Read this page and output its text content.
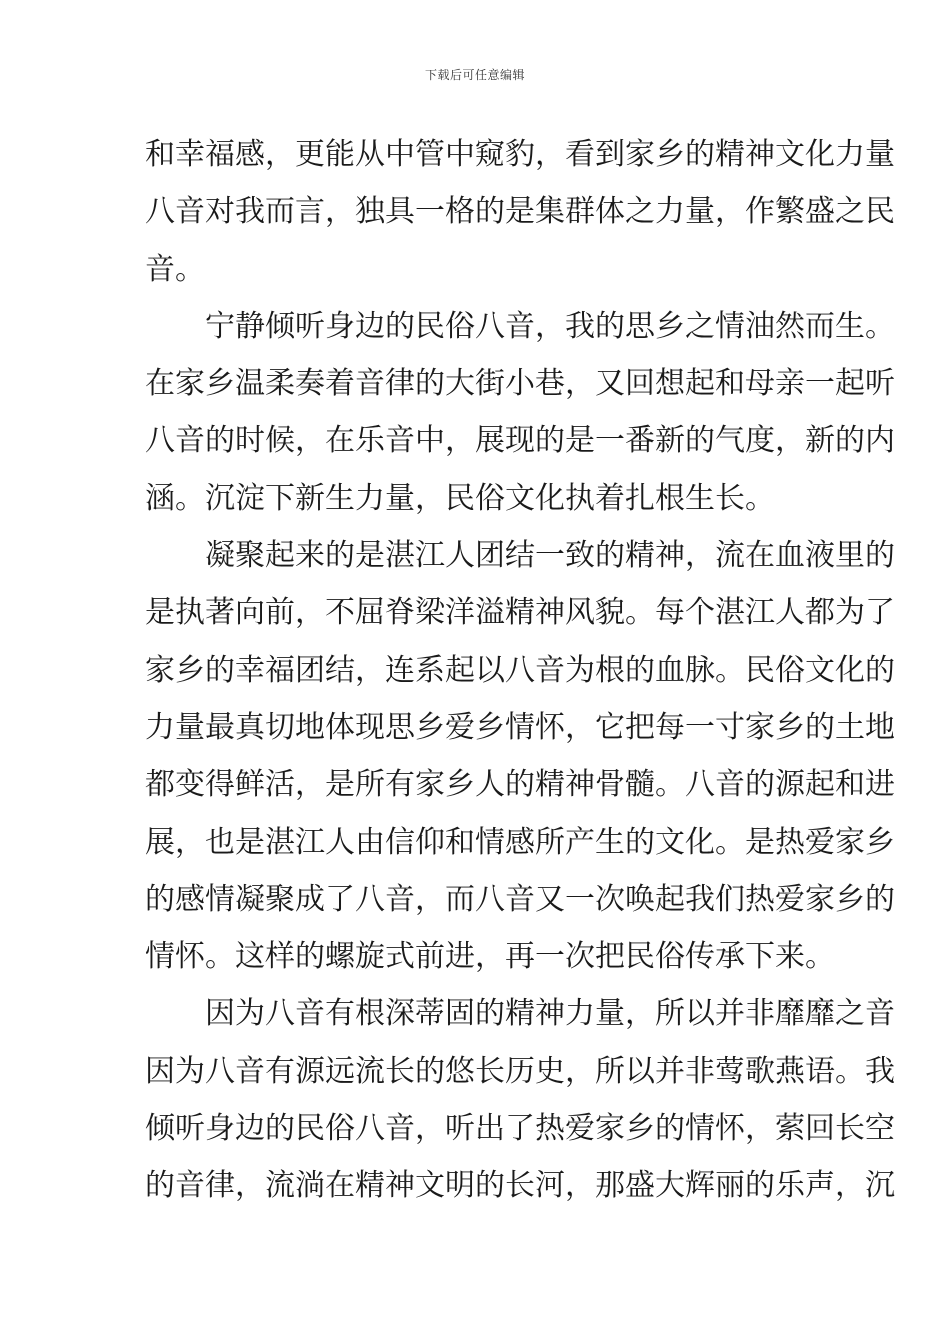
下载后可任意编辑

和幸福感，更能从中管中窥豹，看到家乡的精神文化力量
八音对我而言，独具一格的是集群体之力量，作繁盛之民
音。

宁静倾听身边的民俗八音，我的思乡之情油然而生。
在家乡温柔奏着音律的大街小巷，又回想起和母亲一起听
八音的时候，在乐音中，展现的是一番新的气度，新的内
涵。沉淀下新生力量，民俗文化执着扎根生长。

凝聚起来的是湛江人团结一致的精神，流在血液里的
是执著向前，不屈脊梁洋溢精神风貌。每个湛江人都为了
家乡的幸福团结，连系起以八音为根的血脉。民俗文化的
力量最真切地体现思乡爱乡情怀，它把每一寸家乡的土地
都变得鲜活，是所有家乡人的精神骨髓。八音的源起和进
展，也是湛江人由信仰和情感所产生的文化。是热爱家乡
的感情凝聚成了八音，而八音又一次唤起我们热爱家乡的
情怀。这样的螺旋式前进，再一次把民俗传承下来。

因为八音有根深蒂固的精神力量，所以并非靡靡之音
因为八音有源远流长的悠长历史，所以并非莺歌燕语。我
倾听身边的民俗八音，听出了热爱家乡的情怀，萦回长空
的音律，流淌在精神文明的长河，那盛大辉丽的乐声，沉
